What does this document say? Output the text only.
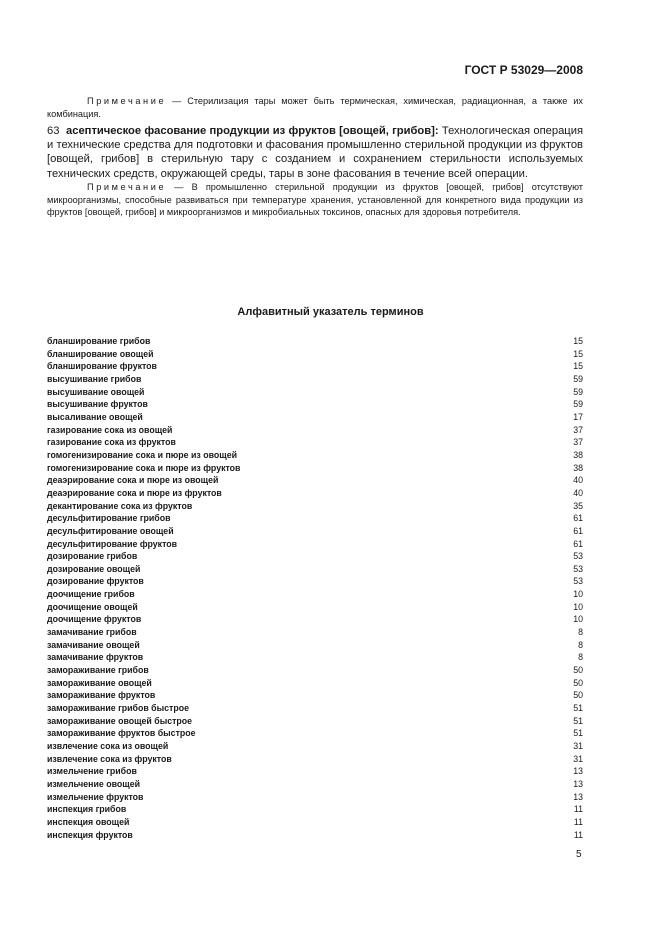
ГОСТ Р 53029—2008
Примечание — Стерилизация тары может быть термическая, химическая, радиационная, а также их комбинация.
63 асептическое фасование продукции из фруктов [овощей, грибов]: Технологическая операция и технические средства для подготовки и фасования промышленно стерильной продукции из фруктов [овощей, грибов] в стерильную тару с созданием и сохранением стерильности используемых технических средств, окружающей среды, тары в зоне фасования в течение всей операции.
Примечание — В промышленно стерильной продукции из фруктов [овощей, грибов] отсутствуют микроорганизмы, способные развиваться при температуре хранения, установленной для конкретного вида продукции из фруктов [овощей, грибов] и микроорганизмов и микробиальных токсинов, опасных для здоровья потребителя.
Алфавитный указатель терминов
бланширование грибов	15
бланширование овощей	15
бланширование фруктов	15
высушивание грибов	59
высушивание овощей	59
высушивание фруктов	59
высаливание овощей	17
газирование сока из овощей	37
газирование сока из фруктов	37
гомогенизирование сока и пюре из овощей	38
гомогенизирование сока и пюре из фруктов	38
деаэрирование сока и пюре из овощей	40
деаэрирование сока и пюре из фруктов	40
декантирование сока из фруктов	35
десульфитирование грибов	61
десульфитирование овощей	61
десульфитирование фруктов	61
дозирование грибов	53
дозирование овощей	53
дозирование фруктов	53
доочищение грибов	10
доочищение овощей	10
доочищение фруктов	10
замачивание грибов	8
замачивание овощей	8
замачивание фруктов	8
замораживание грибов	50
замораживание овощей	50
замораживание фруктов	50
замораживание грибов быстрое	51
замораживание овощей быстрое	51
замораживание фруктов быстрое	51
извлечение сока из овощей	31
извлечение сока из фруктов	31
измельчение грибов	13
измельчение овощей	13
измельчение фруктов	13
инспекция грибов	11
инспекция овощей	11
инспекция фруктов	11
5
